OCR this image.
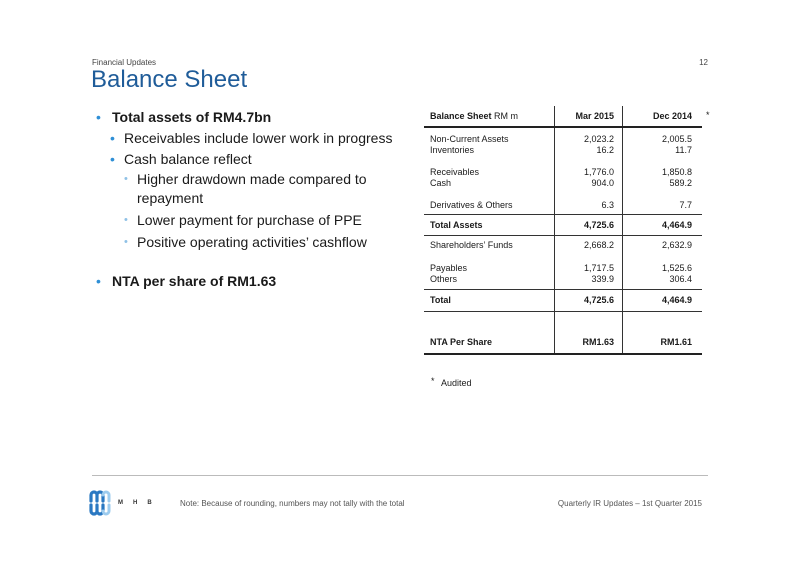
Financial Updates	12
Balance Sheet
• Total assets of RM4.7bn
• Receivables include lower work in progress
• Cash balance reflect
• Higher drawdown made compared to repayment
• Lower payment for purchase of PPE
• Positive operating activities’ cashflow
• NTA per share of RM1.63
Balance Sheet RM m	Mar 2015	Dec 2014
Non-Current Assets	2,023.2	2,005.5
Inventories	16.2	11.7
Receivables	1,776.0	1,850.8
Cash	904.0	589.2
Derivatives & Others	6.3	7.7
Total Assets	4,725.6	4,464.9
Shareholders’ Funds	2,668.2	2,632.9
Payables	1,717.5	1,525.6
Others	339.9	306.4
Total	4,725.6	4,464.9
NTA Per Share	RM1.63	RM1.61
*
* Audited
MHB Note: Because of rounding, numbers may not tally with the total	Quarterly IR Updates – 1st Quarter 2015
